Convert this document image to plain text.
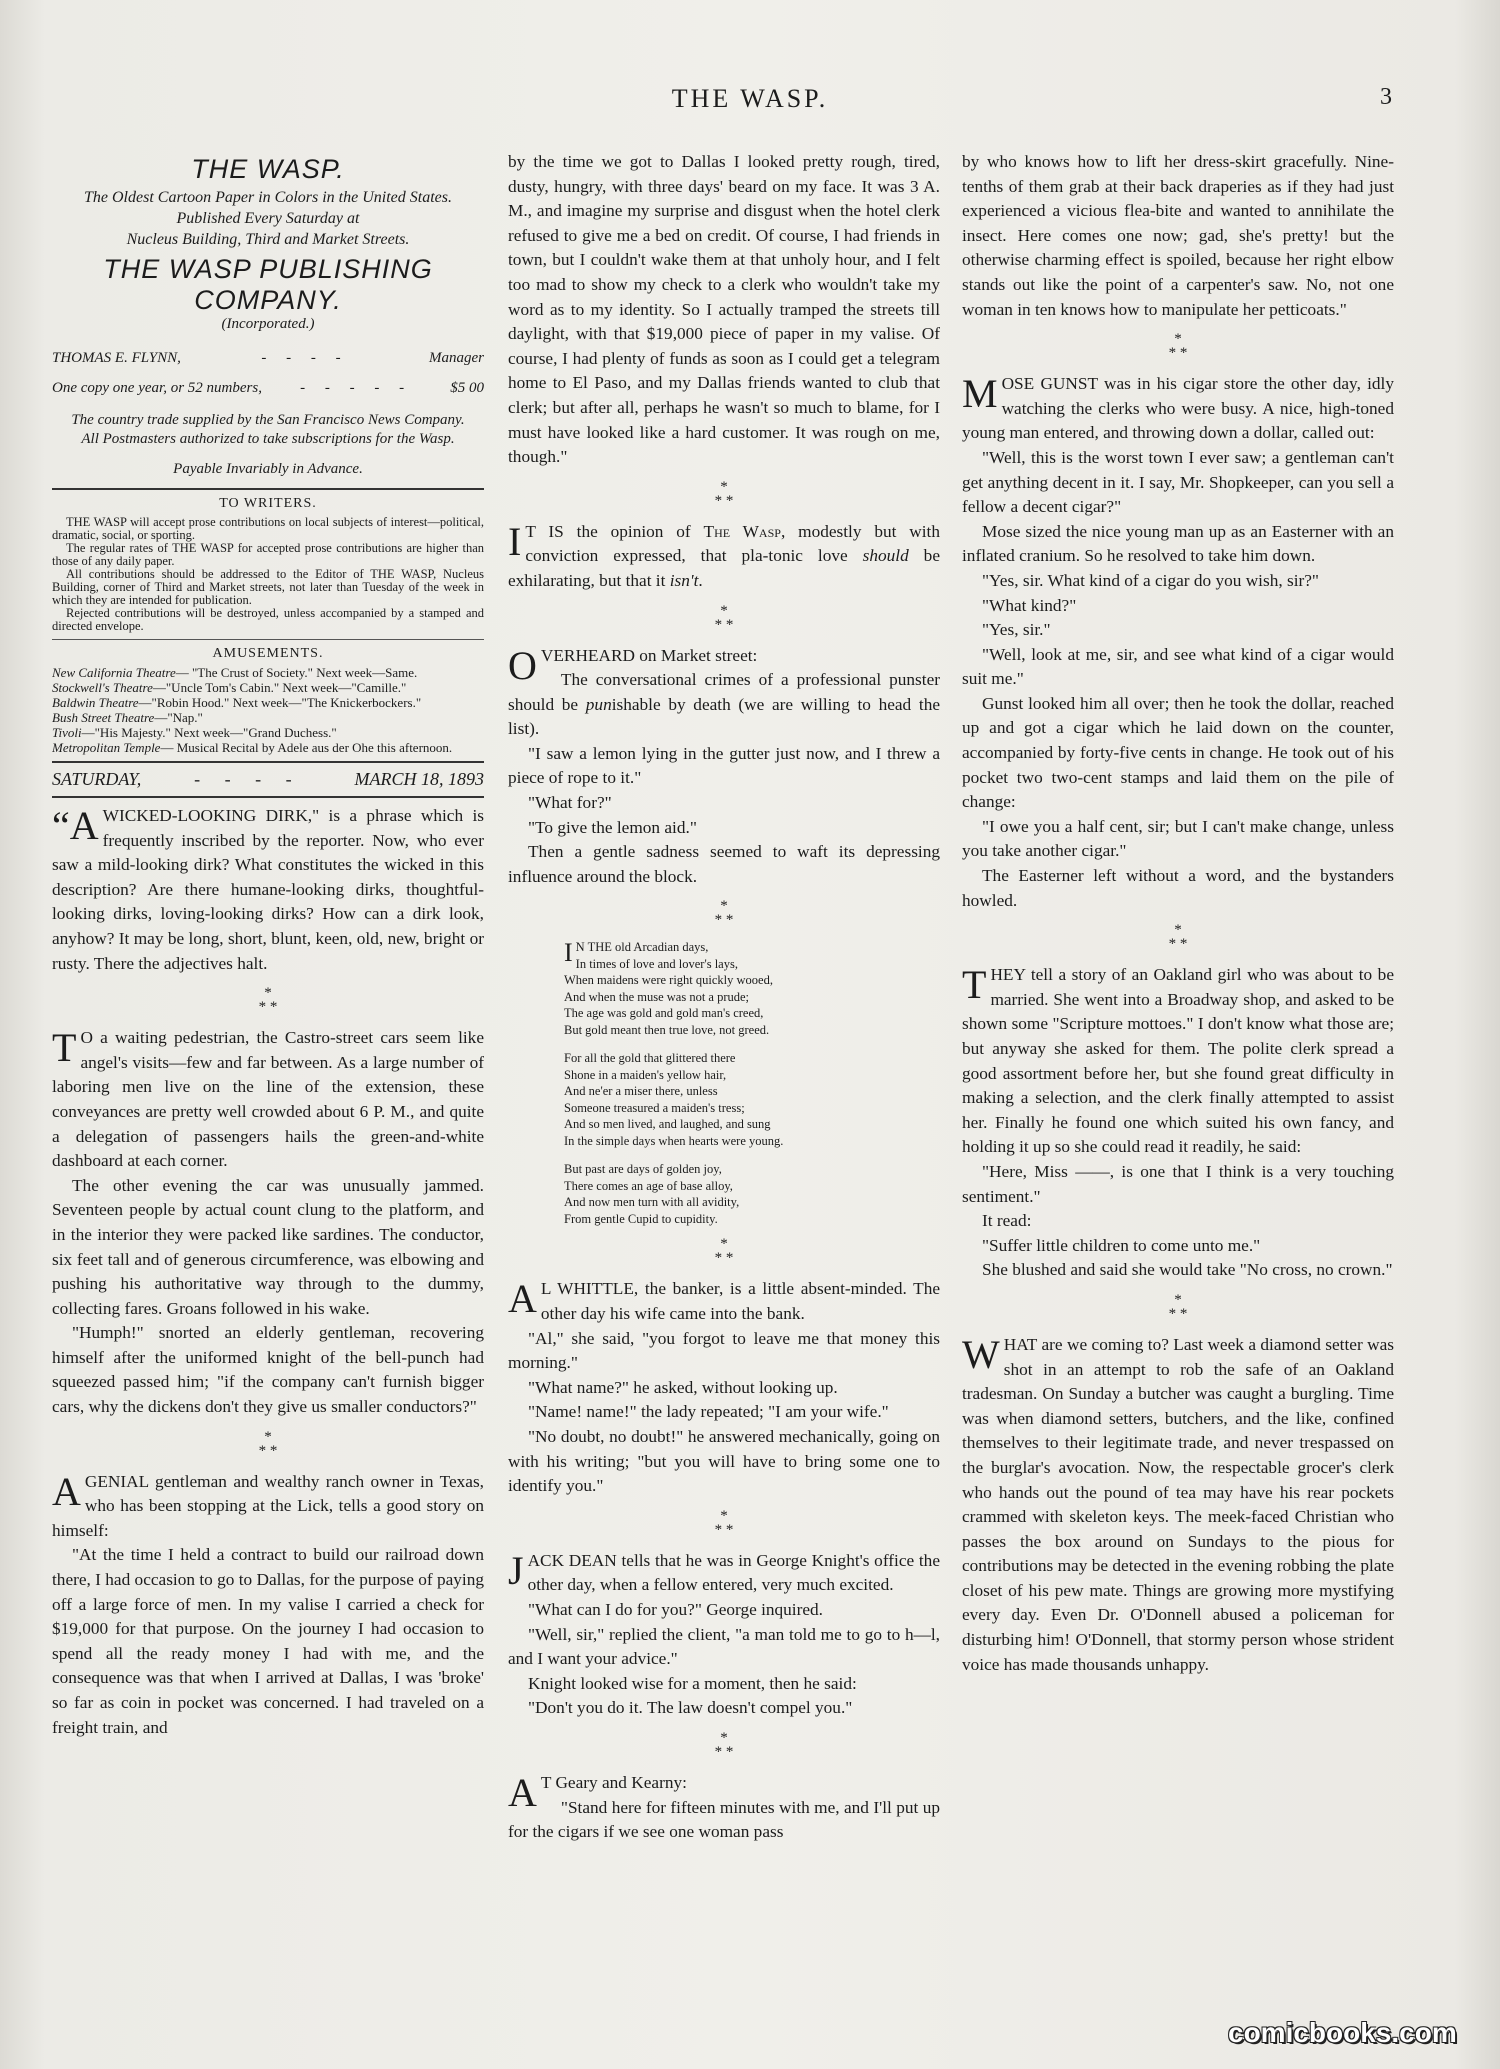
THE WASP.	3
THE WASP.

The Oldest Cartoon Paper in Colors in the United States.

Published Every Saturday at

Nucleus Building, Third and Market Streets.

THE WASP PUBLISHING COMPANY.
(Incorporated.)
THOMAS E. FLYNN,	- - - -	Manager
One copy one year, or 52 numbers,	- - - - -	$5 00

The country trade supplied by the San Francisco News Company. All Postmasters authorized to take subscriptions for the Wasp.

Payable Invariably in Advance.

TO WRITERS.

THE WASP will accept prose contributions on local subjects of interest—political, dramatic, social, or sporting.

The regular rates of THE WASP for accepted prose contributions are higher than those of any daily paper.

All contributions should be addressed to the Editor of THE WASP, Nucleus Building, corner of Third and Market streets, not later than Tuesday of the week in which they are intended for publication.

Rejected contributions will be destroyed, unless accompanied by a stamped and directed envelope.

AMUSEMENTS.

New California Theatre— "The Crust of Society." Next week—Same.

Stockwell's Theatre—"Uncle Tom's Cabin." Next week—"Camille."

Baldwin Theatre—"Robin Hood." Next week—"The Knickerbockers."

Bush Street Theatre—"Nap."

Tivoli—"His Majesty." Next week—"Grand Duchess."

Metropolitan Temple— Musical Recital by Adele aus der Ohe this afternoon.

SATURDAY,	- - - -	MARCH 18, 1893

“AWICKED-LOOKING DIRK," is a phrase which is frequently inscribed by the reporter. Now, who ever saw a mild-looking dirk? What constitutes the wicked in this description? Are there humane-looking dirks, thoughtful-looking dirks, loving-looking dirks? How can a dirk look, anyhow? It may be long, short, blunt, keen, old, new, bright or rusty. There the adjectives halt.

*
* *

T O a waiting pedestrian, the Castro-street cars seem like angel's visits—few and far between. As a large number of laboring men live on the line of the extension, these conveyances are pretty well crowded about 6 P. M., and quite a delegation of passengers hails the green-and-white dashboard at each corner.

The other evening the car was unusually jammed. Seventeen people by actual count clung to the platform, and in the interior they were packed like sardines. The conductor, six feet tall and of generous circumference, was elbowing and pushing his authoritative way through to the dummy, collecting fares. Groans followed in his wake.

"Humph!" snorted an elderly gentleman, recovering himself after the uniformed knight of the bell-punch had squeezed passed him; "if the company can't furnish bigger cars, why the dickens don't they give us smaller conductors?"

*
* *

AGENIAL gentleman and wealthy ranch owner in Texas, who has been stopping at the Lick, tells a good story on himself:

"At the time I held a contract to build our railroad down there, I had occasion to go to Dallas, for the purpose of paying off a large force of men. In my valise I carried a check for $19,000 for that purpose. On the journey I had occasion to spend all the ready money I had with me, and the consequence was that when I arrived at Dallas, I was 'broke' so far as coin in pocket was concerned. I had traveled on a freight train, and

by the time we got to Dallas I looked pretty rough, tired, dusty, hungry, with three days' beard on my face. It was 3 A. M., and imagine my surprise and disgust when the hotel clerk refused to give me a bed on credit. Of course, I had friends in town, but I couldn't wake them at that unholy hour, and I felt too mad to show my check to a clerk who wouldn't take my word as to my identity. So I actually tramped the streets till daylight, with that $19,000 piece of paper in my valise. Of course, I had plenty of funds as soon as I could get a telegram home to El Paso, and my Dallas friends wanted to club that clerk; but after all, perhaps he wasn't so much to blame, for I must have looked like a hard customer. It was rough on me, though."

*
* *

I T IS the opinion of The Wasp, modestly but with conviction expressed, that pla-tonic love should be exhilarating, but that it isn't.

*
* *

OVERHEARD on Market street:

The conversational crimes of a professional punster should be punishable by death (we are willing to head the list).

"I saw a lemon lying in the gutter just now, and I threw a piece of rope to it."

"What for?"

"To give the lemon aid."

Then a gentle sadness seemed to waft its depressing influence around the block.

*
* *

I N THE old Arcadian days,

In times of love and lover's lays,

When maidens were right quickly wooed,

And when the muse was not a prude;

The age was gold and gold man's creed,

But gold meant then true love, not greed.

For all the gold that glittered there

Shone in a maiden's yellow hair,

And ne'er a miser there, unless

Someone treasured a maiden's tress;

And so men lived, and laughed, and sung

In the simple days when hearts were young.

But past are days of golden joy,

There comes an age of base alloy,

And now men turn with all avidity,

From gentle Cupid to cupidity.

*
* *

A L WHITTLE, the banker, is a little absent-minded. The other day his wife came into the bank.

"Al," she said, "you forgot to leave me that money this morning."

"What name?" he asked, without looking up.

"Name! name!" the lady repeated; "I am your wife."

"No doubt, no doubt!" he answered mechanically, going on with his writing; "but you will have to bring some one to identify you."

*
* *

JACK DEAN tells that he was in George Knight's office the other day, when a fellow entered, very much excited.

"What can I do for you?" George inquired.

"Well, sir," replied the client, "a man told me to go to h—l, and I want your advice."

Knight looked wise for a moment, then he said:

"Don't you do it. The law doesn't compel you."

*
* *

A T Geary and Kearny:

"Stand here for fifteen minutes with me, and I'll put up for the cigars if we see one woman pass

by who knows how to lift her dress-skirt gracefully. Nine-tenths of them grab at their back draperies as if they had just experienced a vicious flea-bite and wanted to annihilate the insect. Here comes one now; gad, she's pretty! but the otherwise charming effect is spoiled, because her right elbow stands out like the point of a carpenter's saw. No, not one woman in ten knows how to manipulate her petticoats."

*
* *

MOSE GUNST was in his cigar store the other day, idly watching the clerks who were busy. A nice, high-toned young man entered, and throwing down a dollar, called out:

"Well, this is the worst town I ever saw; a gentleman can't get anything decent in it. I say, Mr. Shopkeeper, can you sell a fellow a decent cigar?"

Mose sized the nice young man up as an Easterner with an inflated cranium. So he resolved to take him down.

"Yes, sir. What kind of a cigar do you wish, sir?"

"What kind?"

"Yes, sir."

"Well, look at me, sir, and see what kind of a cigar would suit me."

Gunst looked him all over; then he took the dollar, reached up and got a cigar which he laid down on the counter, accompanied by forty-five cents in change. He took out of his pocket two two-cent stamps and laid them on the pile of change:

"I owe you a half cent, sir; but I can't make change, unless you take another cigar."

The Easterner left without a word, and the bystanders howled.

*
* *

THEY tell a story of an Oakland girl who was about to be married. She went into a Broadway shop, and asked to be shown some "Scripture mottoes." I don't know what those are; but anyway she asked for them. The polite clerk spread a good assortment before her, but she found great difficulty in making a selection, and the clerk finally attempted to assist her. Finally he found one which suited his own fancy, and holding it up so she could read it readily, he said:

"Here, Miss ——, is one that I think is a very touching sentiment."

It read:

"Suffer little children to come unto me."

She blushed and said she would take "No cross, no crown."

*
* *

WHAT are we coming to? Last week a diamond setter was shot in an attempt to rob the safe of an Oakland tradesman. On Sunday a butcher was caught a burgling. Time was when diamond setters, butchers, and the like, confined themselves to their legitimate trade, and never trespassed on the burglar's avocation. Now, the respectable grocer's clerk who hands out the pound of tea may have his rear pockets crammed with skeleton keys. The meek-faced Christian who passes the box around on Sundays to the pious for contributions may be detected in the evening robbing the plate closet of his pew mate. Things are growing more mystifying every day. Even Dr. O'Donnell abused a policeman for disturbing him! O'Donnell, that stormy person whose strident voice has made thousands unhappy.

comicbooks.com
